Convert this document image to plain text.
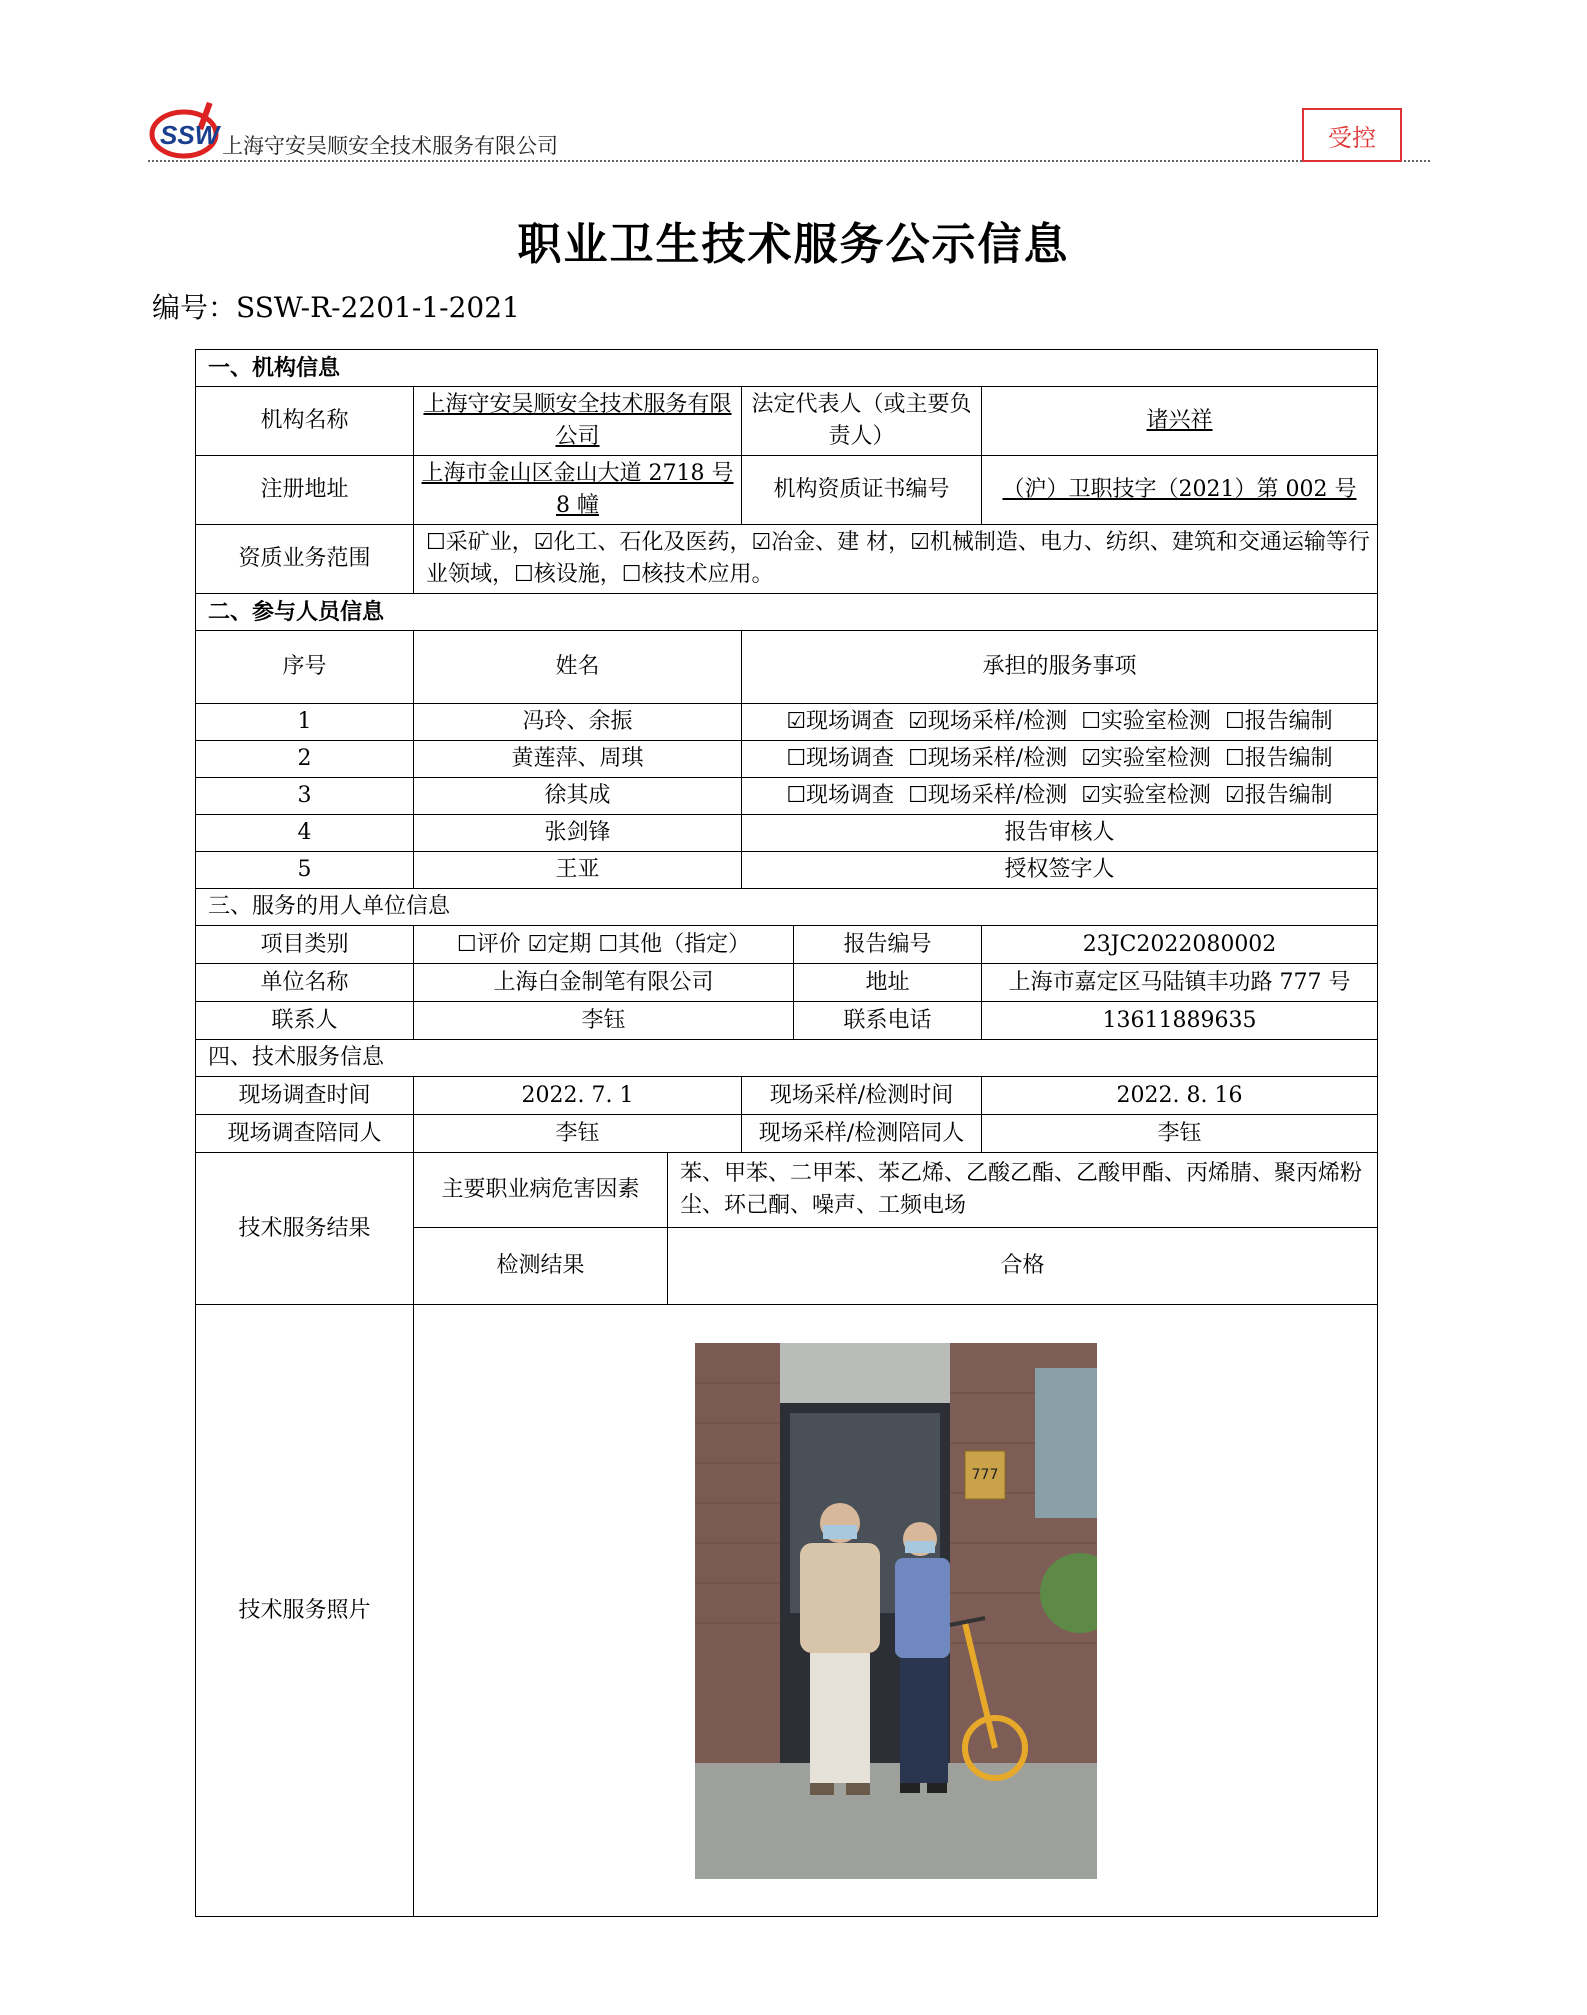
SSW 上海守安吴顺安全技术服务有限公司	受控
职业卫生技术服务公示信息
编号：SSW-R-2201-1-2021
一、机构信息					
机构名称	上海守安吴顺安全技术服务有限公司		法定代表人（或主要负责人）		诸兴祥
注册地址	上海市金山区金山大道 2718 号 8 幢		机构资质证书编号		（沪）卫职技字（2021）第 002 号
资质业务范围	☐采矿业，☑化工、石化及医药，☑冶金、建 材，☑机械制造、电力、纺织、建筑和交通运输等行业领域，☐核设施，☐核技术应用。				
二、参与人员信息					
序号	姓名		承担的服务事项		
1	冯玲、余振		☑现场调查 ☑现场采样/检测 ☐实验室检测 ☐报告编制		
2	黄莲萍、周琪		☐现场调查 ☐现场采样/检测 ☑实验室检测 ☐报告编制		
3	徐其成		☐现场调查 ☐现场采样/检测 ☑实验室检测 ☑报告编制		
4	张剑锋		报告审核人		
5	王亚		授权签字人		
三、服务的用人单位信息					
项目类别	☐评价 ☑定期 ☐其他（指定）			报告编号	23JC2022080002
单位名称	上海白金制笔有限公司			地址	上海市嘉定区马陆镇丰功路 777 号
联系人	李钰			联系电话	13611889635
四、技术服务信息					
现场调查时间	2022. 7. 1		现场采样/检测时间		2022. 8. 16
现场调查陪同人	李钰		现场采样/检测陪同人		李钰
技术服务结果	主要职业病危害因素	苯、甲苯、二甲苯、苯乙烯、乙酸乙酯、乙酸甲酯、丙烯腈、聚丙烯粉尘、环己酮、噪声、工频电场			
	检测结果	合格			
技术服务照片	777				
